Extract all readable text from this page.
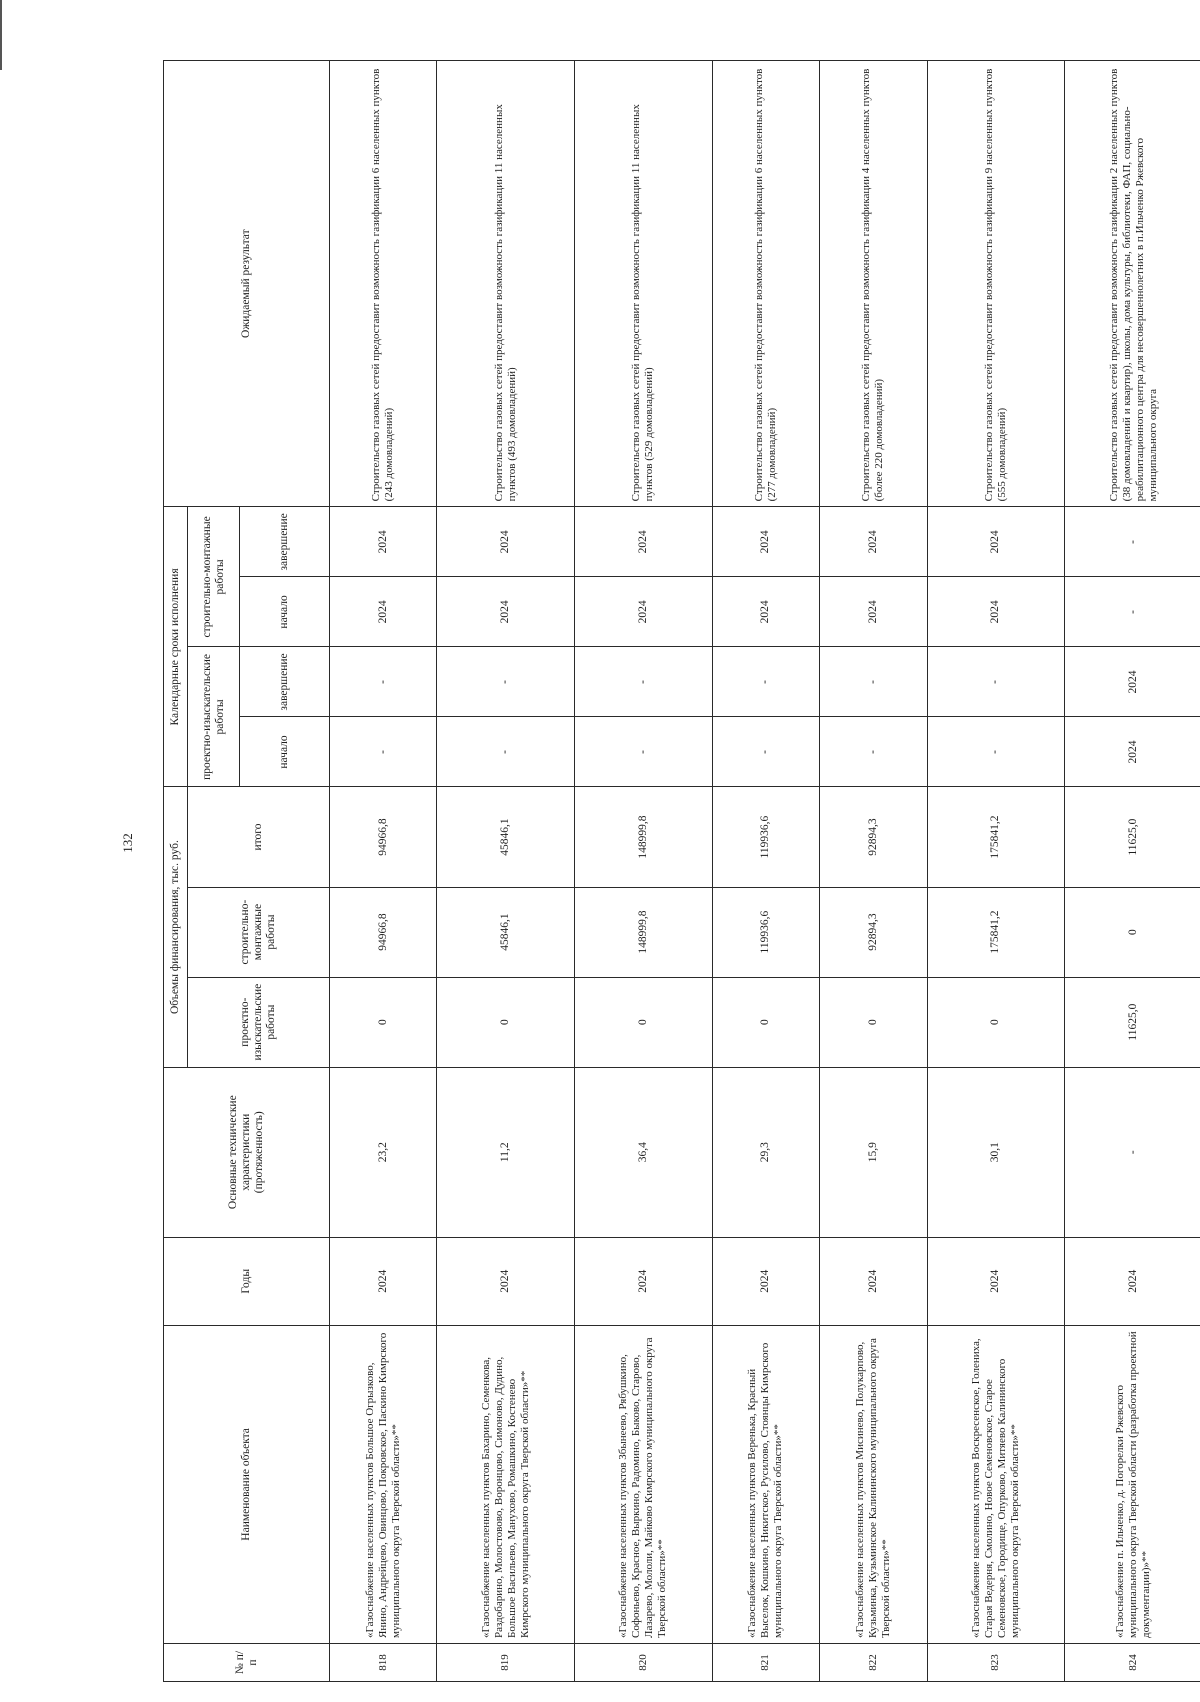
132
№ п/п	Наименование объекта	Годы	Основные технические характеристики (протяженность)	Объемы финансирования, тыс. руб.			Календарные сроки исполнения				Ожидаемый результат
				проектно-изыскательские работы	строительно-монтажные работы	итого	проектно-изыскательские работы		строительно-монтажные работы		
							начало	завершение	начало	завершение	
818	«Газоснабжение населенных пунктов Большое Огрызково, Янино, Андрейцево, Овинцово, Покровское, Паскино Кимрского муниципального округа Тверской области»**	2024	23,2	0	94966,8	94966,8	-	-	2024	2024	Строительство газовых сетей предоставит возможность газификации 6 населенных пунктов (243 домовладений)
819	«Газоснабжение населенных пунктов Бахарино, Семенкова, Раздобарино, Молостовово, Воронцово, Симоново, Дудино, Большое Васильево, Манухово, Ромашкино, Костенево Кимрского муниципального округа Тверской области»**	2024	11,2	0	45846,1	45846,1	-	-	2024	2024	Строительство газовых сетей предоставит возможность газификации 11 населенных пунктов (493 домовладений)
820	«Газоснабжение населенных пунктов Збынеево, Рябушкино, Софоньево, Красное, Выркино, Радомино, Быково, Старово, Лазарево, Мололи, Майково Кимрского муниципального округа Тверской области»**	2024	36,4	0	148999,8	148999,8	-	-	2024	2024	Строительство газовых сетей предоставит возможность газификации 11 населенных пунктов (529 домовладений)
821	«Газоснабжение населенных пунктов Веренька, Красный Выселок, Кошкино, Никитское, Русилово, Стоянцы Кимрского муниципального округа Тверской области»**	2024	29,3	0	119936,6	119936,6	-	-	2024	2024	Строительство газовых сетей предоставит возможность газификации 6 населенных пунктов (277 домовладений)
822	«Газоснабжение населенных пунктов Мисинево, Полукарпово, Кузьминка, Кузьминское Калининского муниципального округа Тверской области»**	2024	15,9	0	92894,3	92894,3	-	-	2024	2024	Строительство газовых сетей предоставит возможность газификации 4 населенных пунктов (более 220 домовладений)
823	«Газоснабжение населенных пунктов Воскресенское, Голениха, Старая Ведерня, Смолино, Новое Семеновское, Старое Семеновское, Городище, Опурково, Митяево Калининского муниципального округа Тверской области»**	2024	30,1	0	175841,2	175841,2	-	-	2024	2024	Строительство газовых сетей предоставит возможность газификации 9 населенных пунктов (555 домовладений)
824	«Газоснабжение п. Ильченко, д. Погорелки Ржевского муниципального округа Тверской области (разработка проектной документации)»**	2024	-	11625,0	0	11625,0	2024	2024	-	-	Строительство газовых сетей предоставит возможность газификации 2 населенных пунктов (38 домовладений и квартир), школы, дома культуры, библиотеки, ФАП, социально-реабилитационного центра для несовершеннолетних в п.Ильченко Ржевского муниципального округа
